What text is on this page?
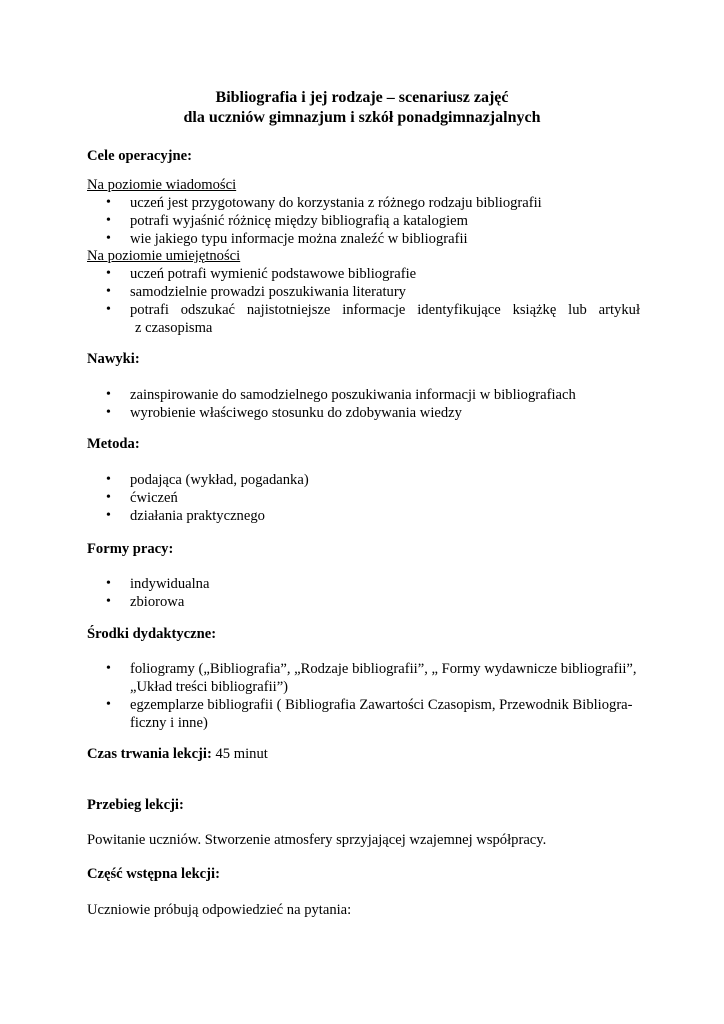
Bibliografia i jej rodzaje – scenariusz zajęć
dla uczniów gimnazjum i szkół ponadgimnazjalnych
Cele operacyjne:
Na poziomie wiadomości
• uczeń jest przygotowany do korzystania z różnego rodzaju bibliografii
• potrafi wyjaśnić różnicę między bibliografią a katalogiem
• wie jakiego typu informacje można znaleźć w bibliografii
Na poziomie umiejętności
• uczeń potrafi wymienić podstawowe bibliografie
• samodzielnie prowadzi poszukiwania literatury
• potrafi odszukać najistotniejsze informacje identyfikujące książkę lub artykuł
z czasopisma
Nawyki:
• zainspirowanie do samodzielnego poszukiwania informacji w bibliografiach
• wyrobienie właściwego stosunku do zdobywania wiedzy
Metoda:
• podająca (wykład, pogadanka)
• ćwiczeń
• działania praktycznego
Formy pracy:
• indywidualna
• zbiorowa
Środki dydaktyczne:
• foliogramy („Bibliografia”, „Rodzaje bibliografii”, „ Formy wydawnicze bibliografii”,
„Układ treści bibliografii”)
• egzemplarze bibliografii ( Bibliografia Zawartości Czasopism, Przewodnik Bibliogra-
ficzny i inne)
Czas trwania lekcji: 45 minut
Przebieg lekcji:
Powitanie uczniów. Stworzenie atmosfery sprzyjającej wzajemnej współpracy.
Część wstępna lekcji:
Uczniowie próbują odpowiedzieć na pytania:
